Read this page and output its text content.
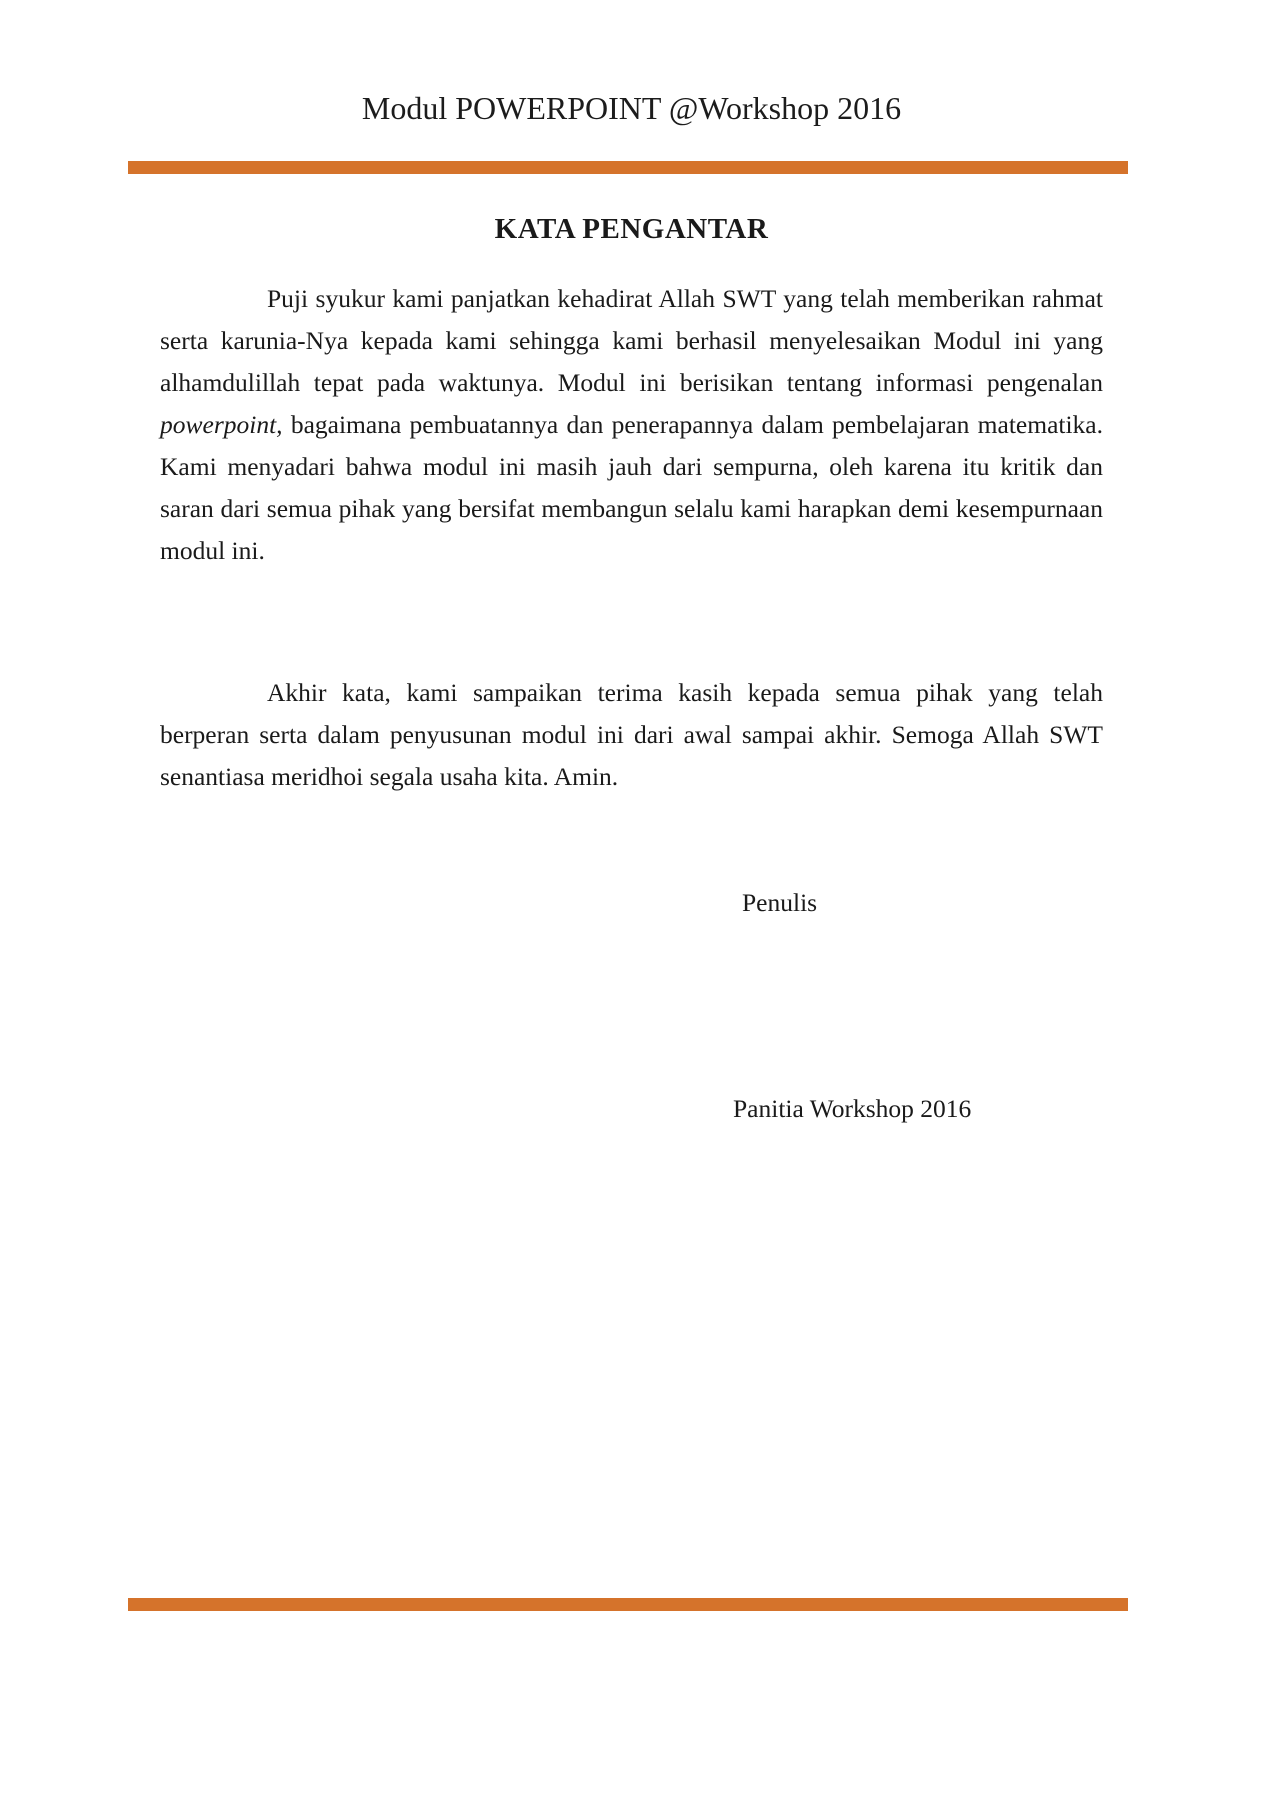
Modul POWERPOINT @Workshop 2016
KATA PENGANTAR

Puji syukur kami panjatkan kehadirat Allah SWT yang telah memberikan rahmat serta karunia-Nya kepada kami sehingga kami berhasil menyelesaikan Modul ini yang alhamdulillah tepat pada waktunya. Modul ini berisikan tentang informasi pengenalan powerpoint, bagaimana pembuatannya dan penerapannya dalam pembelajaran matematika. Kami menyadari bahwa modul ini masih jauh dari sempurna, oleh karena itu kritik dan saran dari semua pihak yang bersifat membangun selalu kami harapkan demi kesempurnaan modul ini.

Akhir kata, kami sampaikan terima kasih kepada semua pihak yang telah berperan serta dalam penyusunan modul ini dari awal sampai akhir. Semoga Allah SWT senantiasa meridhoi segala usaha kita. Amin.

Penulis
Panitia Workshop 2016
